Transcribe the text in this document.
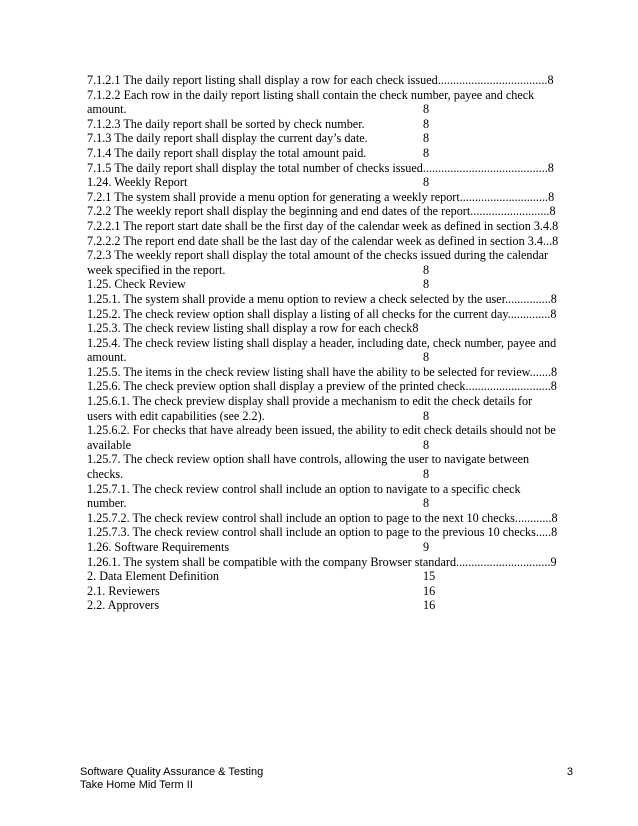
7.1.2.1 The daily report listing shall display a row for each check issued....................................8
7.1.2.2 Each row in the daily report listing shall contain the check number, payee and check
amount.	8
7.1.2.3 The daily report shall be sorted by check number.	8
7.1.3 The daily report shall display the current day’s date.	8
7.1.4 The daily report shall display the total amount paid.	8
7.1.5 The daily report shall display the total number of checks issued.........................................8
1.24. Weekly Report	8
7.2.1 The system shall provide a menu option for generating a weekly report.............................8
7.2.2 The weekly report shall display the beginning and end dates of the report..........................8
7.2.2.1 The report start date shall be the first day of the calendar week as defined in section 3.4.8
7.2.2.2 The report end date shall be the last day of the calendar week as defined in section 3.4...8
7.2.3 The weekly report shall display the total amount of the checks issued during the calendar
week specified in the report.	8
1.25. Check Review	8
1.25.1. The system shall provide a menu option to review a check selected by the user...............8
1.25.2. The check review option shall display a listing of all checks for the current day..............8
1.25.3. The check review listing shall display a row for each check8
1.25.4. The check review listing shall display a header, including date, check number, payee and
amount.	8
1.25.5. The items in the check review listing shall have the ability to be selected for review.......8
1.25.6. The check preview option shall display a preview of the printed check............................8
1.25.6.1. The check preview display shall provide a mechanism to edit the check details for
users with edit capabilities (see 2.2).	8
1.25.6.2. For checks that have already been issued, the ability to edit check details should not be
available	8
1.25.7. The check review option shall have controls, allowing the user to navigate between
checks.	8
1.25.7.1. The check review control shall include an option to navigate to a specific check
number.	8
1.25.7.2. The check review control shall include an option to page to the next 10 checks............8
1.25.7.3. The check review control shall include an option to page to the previous 10 checks.....8
1.26. Software Requirements	9
1.26.1. The system shall be compatible with the company Browser standard...............................9
2. Data Element Definition	15
2.1. Reviewers	16
2.2. Approvers	16
Software Quality Assurance & Testing
Take Home Mid Term II
3
